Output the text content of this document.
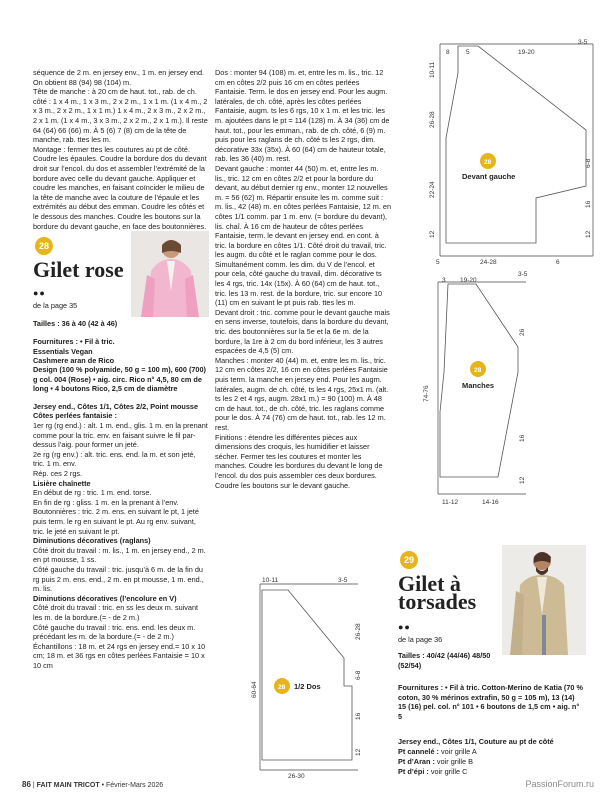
séquence de 2 m. en jersey env., 1 m. en jersey end. On obtient 88 (94) 98 (104) m.

Tête de manche : à 20 cm de haut. tot., rab. de ch. côté : 1 x 4 m., 1 x 3 m., 2 x 2 m., 1 x 1 m. (1 x 4 m., 2 x 3 m., 2 x 2 m., 1 x 1 m.) 1 x 4 m., 2 x 3 m., 2 x 2 m., 2 x 1 m. (1 x 4 m., 3 x 3 m., 2 x 2 m., 2 x 1 m.). Il reste 64 (64) 66 (66) m. À 5 (6) 7 (8) cm de la tête de manche, rab. ttes les m.

Montage : fermer ttes les coutures au pt de côté. Coudre les épaules. Coudre la bordure dos du devant droit sur l’encol. du dos et assembler l’extrémité de la bordure avec celle du devant gauche. Appliquer et coudre les manches, en faisant coïncider le milieu de la tête de manche avec la couture de l’épaule et les extrémités au début des emman. Coudre les côtés et le dessous des manches. Coudre les boutons sur la bordure du devant gauche, en face des boutonnières.

28
Gilet rose
●●
de la page 35
Tailles : 36 à 40 (42 à 46)
Fournitures : • Fil à tric. Essentials Vegan Cashmere aran de Rico

Design (100 % polyamide, 50 g = 100 m), 600 (700) g col. 004 (Rose) • aig. circ. Rico n° 4,5, 80 cm de long • 4 boutons Rico, 2,5 cm de diamètre

Jersey end., Côtes 1/1, Côtes 2/2, Point mousse

Côtes perlées fantaisie :

1er rg (rg end.) : alt. 1 m. end., glis. 1 m. en la prenant comme pour la tric. env. en faisant suivre le fil par-dessus l’aig. pour former un jeté.

2e rg (rg env.) : alt. tric. ens. end. la m. et son jeté, tric. 1 m. env.

Rép. ces 2 rgs.

Lisière chaînette

En début de rg : tric. 1 m. end. torse.

En fin de rg : gliss. 1 m. en la prenant à l’env.

Boutonnières : tric. 2 m. ens. en suivant le pt, 1 jeté puis term. le rg en suivant le pt. Au rg env. suivant, tric. le jeté en suivant le pt.

Diminutions décoratives (raglans)

Côté droit du travail : m. lis., 1 m. en jersey end., 2 m. en pt mousse, 1 ss.

Côté gauche du travail : tric. jusqu’à 6 m. de la fin du rg puis 2 m. ens. end., 2 m. en pt mousse, 1 m. end., m. lis.

Diminutions décoratives (l’encolure en V)

Côté droit du travail : tric. en ss les deux m. suivant les m. de la bordure.(= - de 2 m.)

Côté gauche du travail : tric. ens. end. les deux m. précédant les m. de la bordure.(= - de 2 m.)

Échantillons : 18 m. et 24 rgs en jersey end.= 10 x 10 cm; 18 m. et 36 rgs en côtes perlées Fantaisie = 10 x 10 cm

Dos : monter 94 (108) m. et, entre les m. lis., tric. 12 cm en côtes 2/2 puis 16 cm en côtes perlées Fantaisie. Term. le dos en jersey end. Pour les augm. latérales, de ch. côté, après les côtes perlées Fantaisie, augm. ts les 6 rgs, 10 x 1 m. et les tric. les m. ajoutées dans le pt = 114 (128) m. À 34 (36) cm de haut. tot., pour les emman., rab. de ch. côté, 6 (9) m. puis pour les raglans de ch. côté ts les 2 rgs, dim. décorative 33x (35x). À 60 (64) cm de hauteur totale, rab. les 36 (40) m. rest.

Devant gauche : monter 44 (50) m. et, entre les m. lis., tric. 12 cm en côtes 2/2 et pour la bordure du devant, au début dernier rg env., monter 12 nouvelles m. = 56 (62) m. Répartir ensuite les m. comme suit : m. lis., 42 (48) m. en côtes perlées Fantaisie, 12 m. en côtes 1/1 comm. par 1 m. env. (= bordure du devant), lis. chaî. À 16 cm de hauteur de côtes perlées Fantaisie, term. le devant en jersey end. en cont. à tric. la bordure en côtes 1/1. Côté droit du travail, tric. les augm. du côté et le raglan comme pour le dos. Simultanément comm. les dim. du V de l’encol. et pour cela, côté gauche du travail, dim. décorative ts les 4 rgs, tric. 14x (15x). À 60 (64) cm de haut. tot., tric. les 13 m. rest. de la bordure, tric. sur encore 10 (11) cm en suivant le pt puis rab. ttes les m.

Devant droit : tric. comme pour le devant gauche mais en sens inverse, toutefois, dans la bordure du devant, tric. des boutonnières sur la 5e et la 6e m. de la bordure, la 1re à 2 cm du bord inférieur, les 3 autres espacées de 4,5 (5) cm.

Manches : monter 40 (44) m. et, entre les m. lis., tric. 12 cm en côtes 2/2, 16 cm en côtes perlées Fantaisie puis term. la manche en jersey end. Pour les augm. latérales, augm. de ch. côté, ts les 4 rgs, 25x1 m. (alt. ts les 2 et 4 rgs, augm. 28x1 m.) = 90 (100) m. À 48 cm de haut. tot., de ch. côté, tric. les raglans comme pour le dos. À 74 (76) cm de haut. tot., rab. les 12 m. rest.

Finitions : étendre les différentes pièces aux dimensions des croquis, les humidifier et laisser sécher. Fermer tes les coutures et monter les manches. Coudre les bordures du devant le long de l’encol. du dos puis assembler ces deux bordures. Coudre les boutons sur le devant gauche.

8	5	19-20
3-5
10-11
26-28
22-24
12
6-8
16
12
5	24-28	6
28
Devant gauche
3 19-20
3-5
74-76
26
16
12
11-12	14-16
28
Manches
10-11	3-5
60-64
26-28
6-8
16
12
26-30
28 1/2 Dos
29
Gilet à
torsades
●●
de la page 36
Tailles : 40/42 (44/46) 48/50 (52/54)
Fournitures : • Fil à tric. Cotton-Merino de Katia (70 % coton, 30 % mérinos extrafin, 50 g = 105 m), 13 (14) 15 (16) pel. col. n° 101 • 6 boutons de 1,5 cm • aig. n° 5
Jersey end., Côtes 1/1, Couture au pt de côté
Pt cannelé : voir grille A
Pt d’Aran : voir grille B
Pt d’épi : voir grille C
86 | FAIT MAIN TRICOT • Février-Mars 2026	PassionForum.ru
